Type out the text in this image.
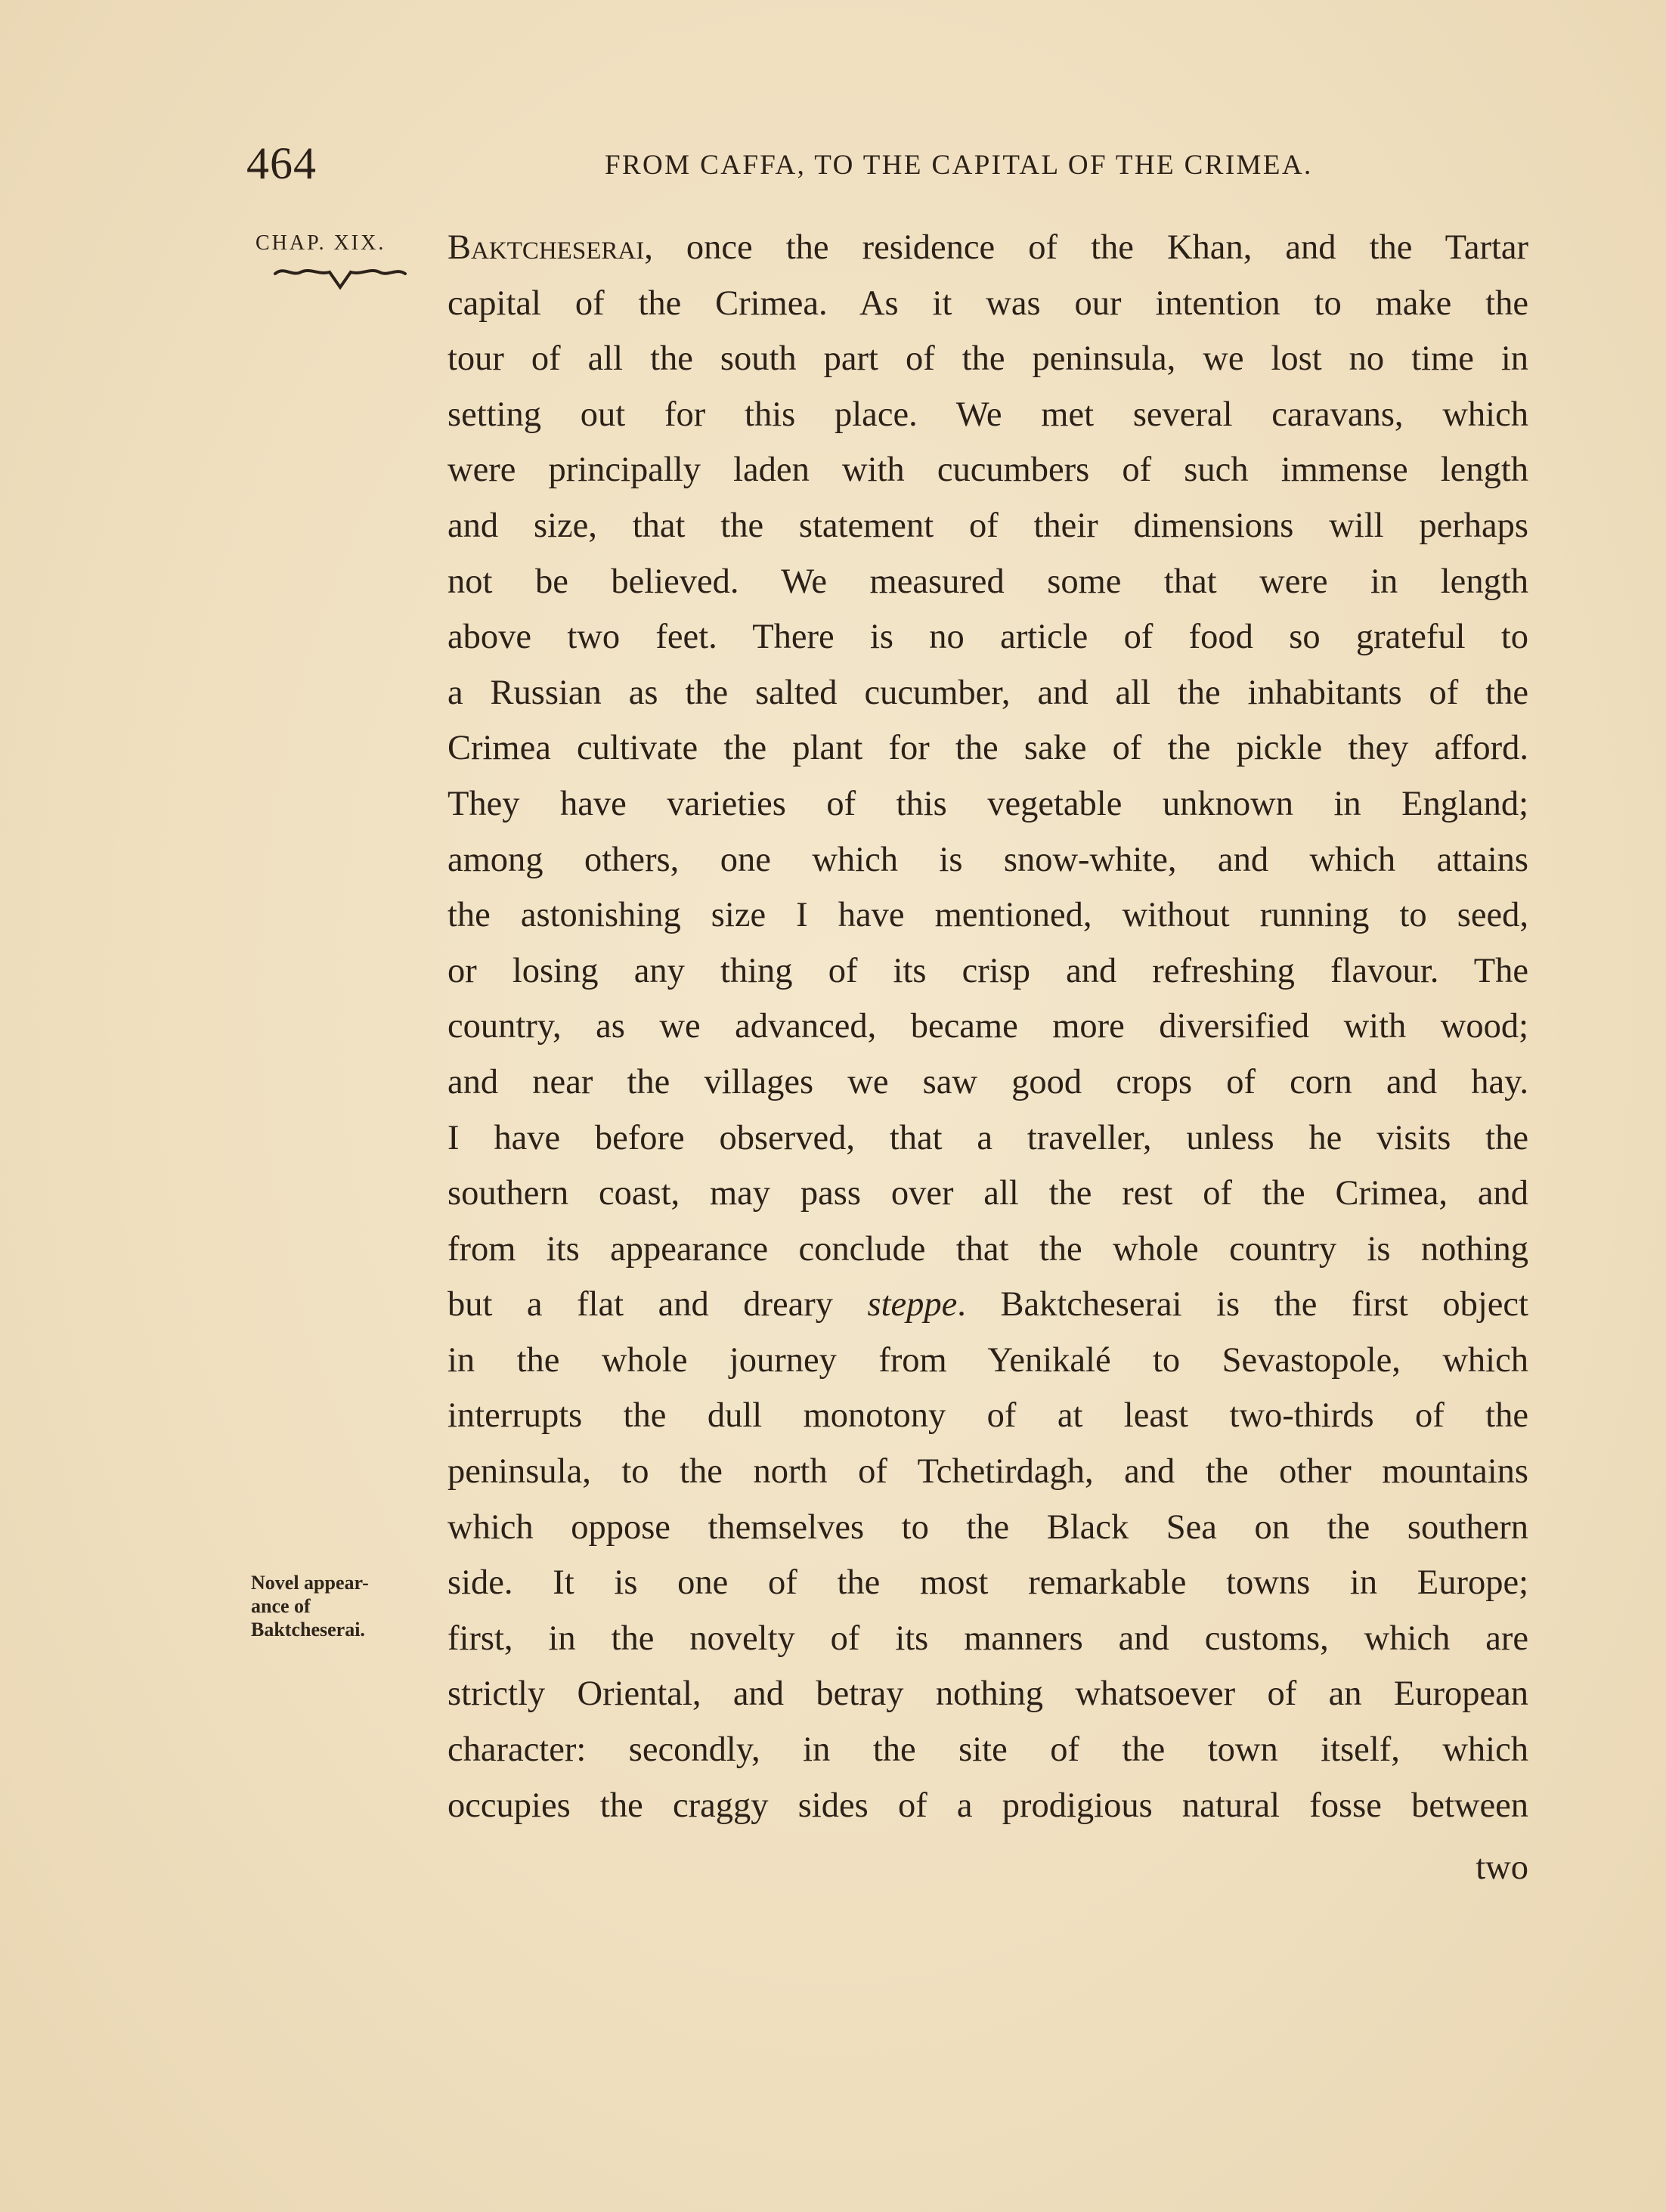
464	FROM CAFFA, TO THE CAPITAL OF THE CRIMEA.
CHAP. XIX.
Novel appear-
ance of
Baktcheserai.
Baktcheserai, once the residence of the Khan, and the Tartar
capital of the Crimea. As it was our intention to make the
tour of all the south part of the peninsula, we lost no time in
setting out for this place. We met several caravans, which
were principally laden with cucumbers of such immense length
and size, that the statement of their dimensions will perhaps
not be believed. We measured some that were in length
above two feet. There is no article of food so grateful to
a Russian as the salted cucumber, and all the inhabitants of the
Crimea cultivate the plant for the sake of the pickle they afford.
They have varieties of this vegetable unknown in England;
among others, one which is snow-white, and which attains
the astonishing size I have mentioned, without running to seed,
or losing any thing of its crisp and refreshing flavour. The
country, as we advanced, became more diversified with wood;
and near the villages we saw good crops of corn and hay.
I have before observed, that a traveller, unless he visits the
southern coast, may pass over all the rest of the Crimea, and
from its appearance conclude that the whole country is nothing
but a flat and dreary steppe. Baktcheserai is the first object
in the whole journey from Yenikalé to Sevastopole, which
interrupts the dull monotony of at least two-thirds of the
peninsula, to the north of Tchetirdagh, and the other mountains
which oppose themselves to the Black Sea on the southern
side. It is one of the most remarkable towns in Europe;
first, in the novelty of its manners and customs, which are
strictly Oriental, and betray nothing whatsoever of an European
character: secondly, in the site of the town itself, which
occupies the craggy sides of a prodigious natural fosse between
two
